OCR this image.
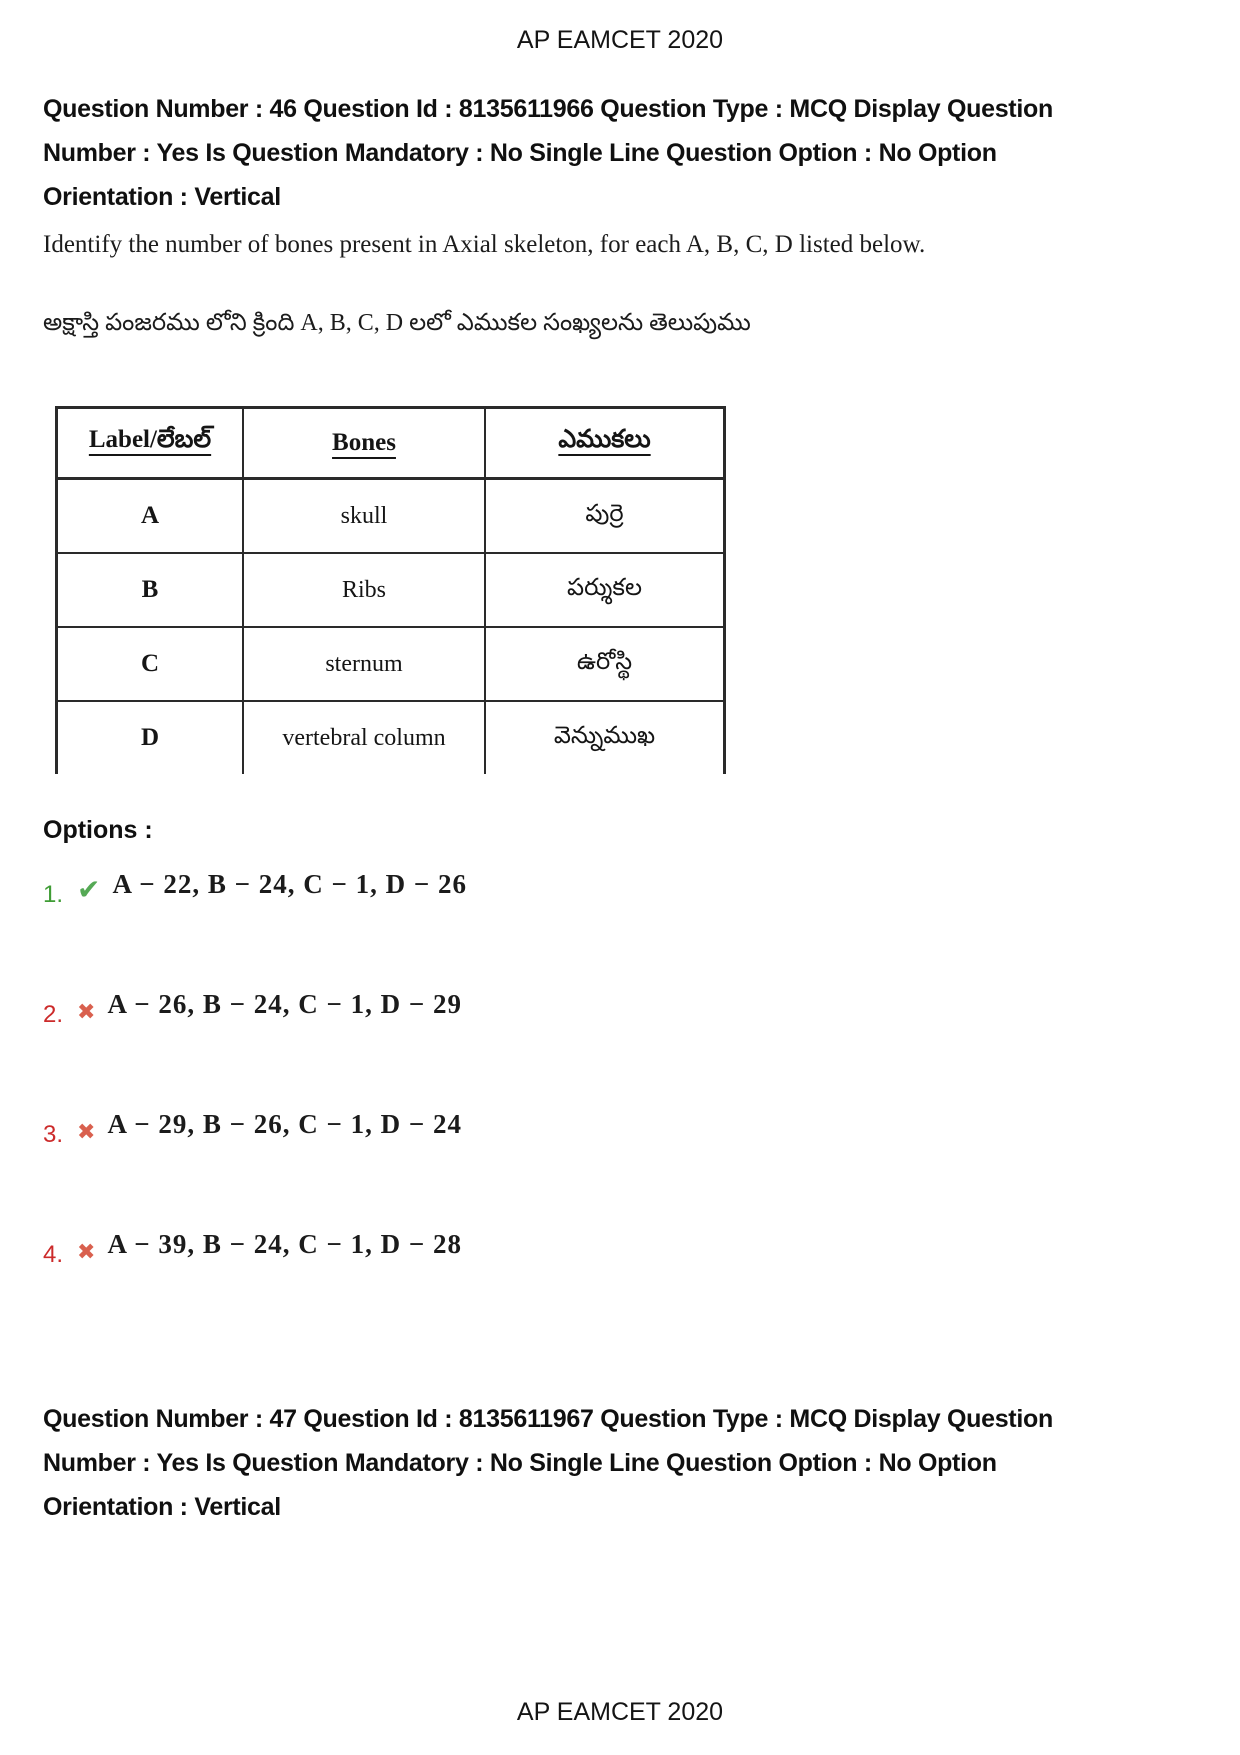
AP EAMCET 2020
Question Number : 46 Question Id : 8135611966 Question Type : MCQ Display Question
Number : Yes Is Question Mandatory : No Single Line Question Option : No Option
Orientation : Vertical
Identify the number of bones present in Axial skeleton, for each A, B, C, D listed below.
అక్షాస్తి పంజరము లోని క్రింది A, B, C, D లలో ఎముకల సంఖ్యలను తెలుపుము
Label/లేబల్	Bones	ఎముకలు
A	skull	పుర్రె
B	Ribs	పర్శుకల
C	sternum	ఉరోస్థి
D	vertebral column	వెన్నుముఖ
Options :
1. ✔ A − 22, B − 24, C − 1, D − 26
2. ✖ A − 26, B − 24, C − 1, D − 29
3. ✖ A − 29, B − 26, C − 1, D − 24
4. ✖ A − 39, B − 24, C − 1, D − 28
Question Number : 47 Question Id : 8135611967 Question Type : MCQ Display Question
Number : Yes Is Question Mandatory : No Single Line Question Option : No Option
Orientation : Vertical
AP EAMCET 2020
